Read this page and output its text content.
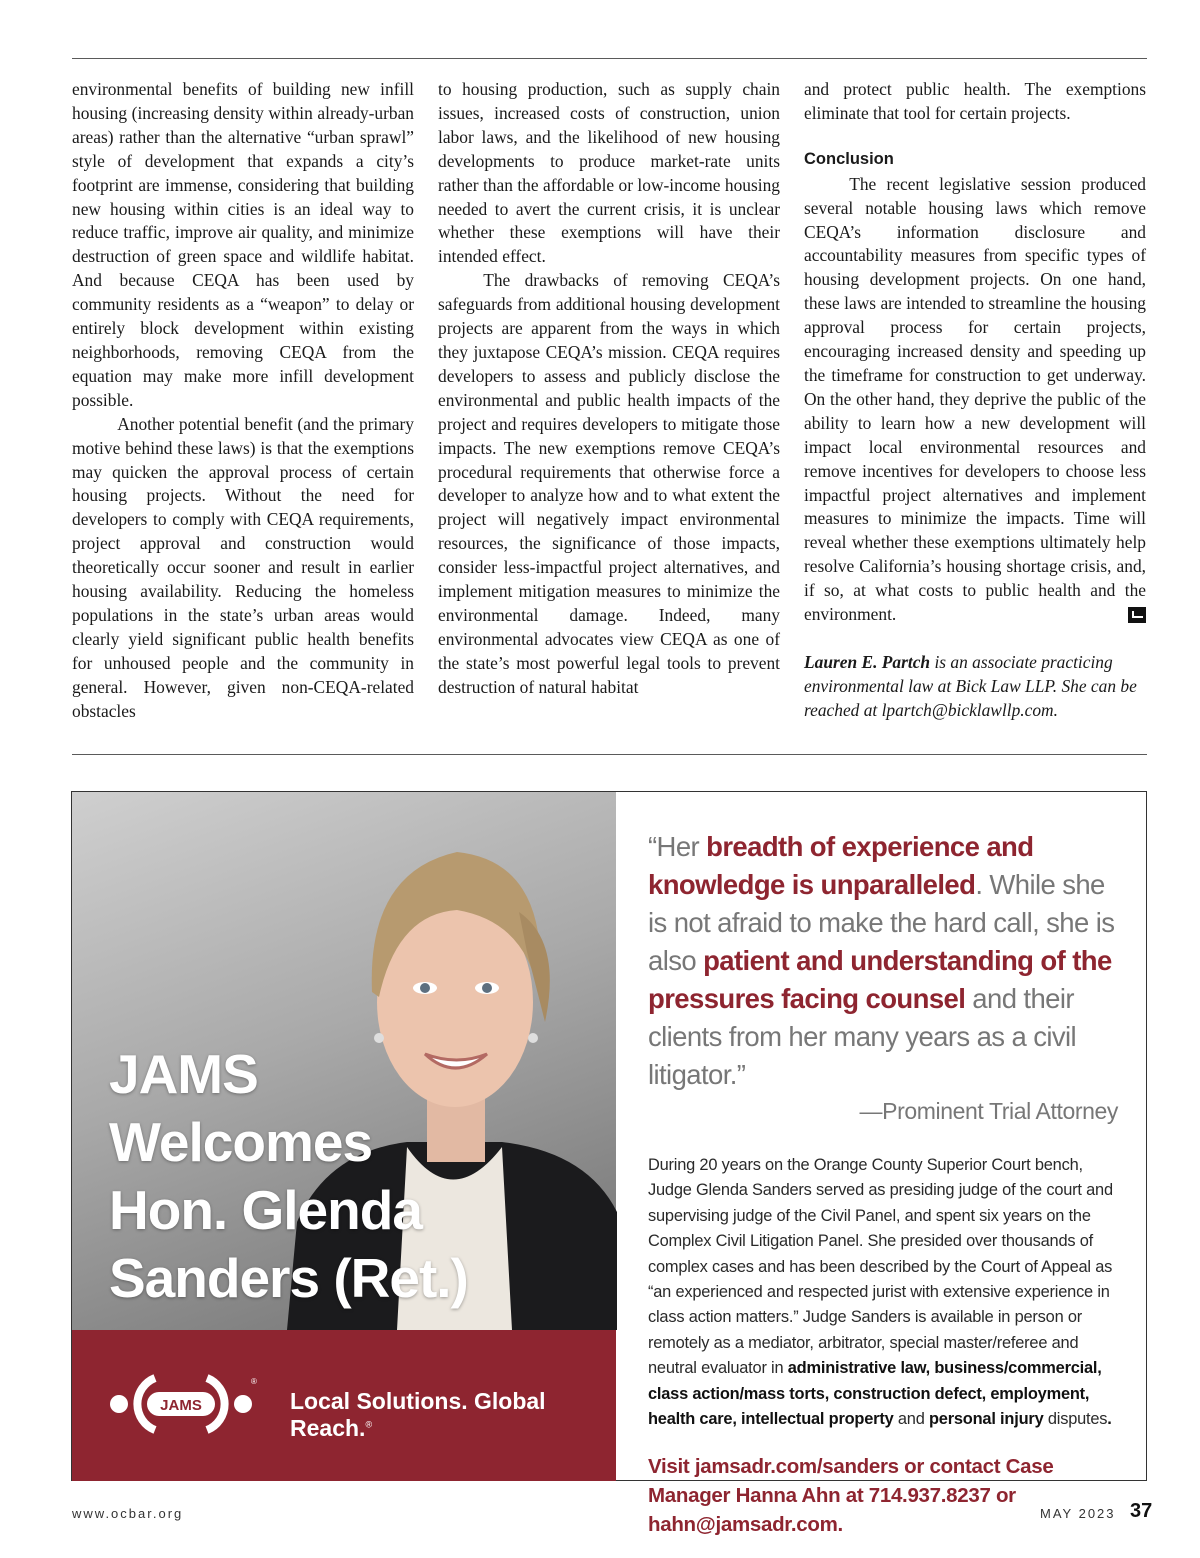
environmental benefits of building new infill housing (increasing density within already-urban areas) rather than the alternative “urban sprawl” style of development that expands a city’s footprint are immense, considering that building new housing within cities is an ideal way to reduce traffic, improve air quality, and minimize destruction of green space and wildlife habitat. And because CEQA has been used by community residents as a “weapon” to delay or entirely block development within existing neighborhoods, removing CEQA from the equation may make more infill development possible.

Another potential benefit (and the primary motive behind these laws) is that the exemptions may quicken the approval process of certain housing projects. Without the need for developers to comply with CEQA requirements, project approval and construction would theoretically occur sooner and result in earlier housing availability. Reducing the homeless populations in the state’s urban areas would clearly yield significant public health benefits for unhoused people and the community in general. However, given non-CEQA-related obstacles

to housing production, such as supply chain issues, increased costs of construction, union labor laws, and the likelihood of new housing developments to produce market-rate units rather than the affordable or low-income housing needed to avert the current crisis, it is unclear whether these exemptions will have their intended effect.

The drawbacks of removing CEQA’s safeguards from additional housing development projects are apparent from the ways in which they juxtapose CEQA’s mission. CEQA requires developers to assess and publicly disclose the environmental and public health impacts of the project and requires developers to mitigate those impacts. The new exemptions remove CEQA’s procedural requirements that otherwise force a developer to analyze how and to what extent the project will negatively impact environmental resources, the significance of those impacts, consider less-impactful project alternatives, and implement mitigation measures to minimize the environmental damage. Indeed, many environmental advocates view CEQA as one of the state’s most powerful legal tools to prevent destruction of natural habitat

and protect public health. The exemptions eliminate that tool for certain projects.

Conclusion

The recent legislative session produced several notable housing laws which remove CEQA’s information disclosure and accountability measures from specific types of housing development projects. On one hand, these laws are intended to streamline the housing approval process for certain projects, encouraging increased density and speeding up the timeframe for construction to get underway. On the other hand, they deprive the public of the ability to learn how a new development will impact local environmental resources and remove incentives for developers to choose less impactful project alternatives and implement measures to minimize the impacts. Time will reveal whether these exemptions ultimately help resolve California’s housing shortage crisis, and, if so, at what costs to public health and the environment.

Lauren E. Partch is an associate practicing environmental law at Bick Law LLP. She can be reached at lpartch@bicklawllp.com.

JAMS
Welcomes
Hon. Glenda
Sanders (Ret.)
JAMS
®
Local Solutions. Global Reach.®
“Her breadth of experience and knowledge is unparalleled. While she is not afraid to make the hard call, she is also patient and understanding of the pressures facing counsel and their clients from her many years as a civil litigator.”
—Prominent Trial Attorney
During 20 years on the Orange County Superior Court bench, Judge Glenda Sanders served as presiding judge of the court and supervising judge of the Civil Panel, and spent six years on the Complex Civil Litigation Panel. She presided over thousands of complex cases and has been described by the Court of Appeal as “an experienced and respected jurist with extensive experience in class action matters.” Judge Sanders is available in person or remotely as a mediator, arbitrator, special master/referee and neutral evaluator in administrative law, business/commercial, class action/mass torts, construction defect, employment, health care, intellectual property and personal injury disputes.
Visit jamsadr.com/sanders or contact Case Manager Hanna Ahn at 714.937.8237 or hahn@jamsadr.com.
www.ocbar.org	MAY 2023 37
